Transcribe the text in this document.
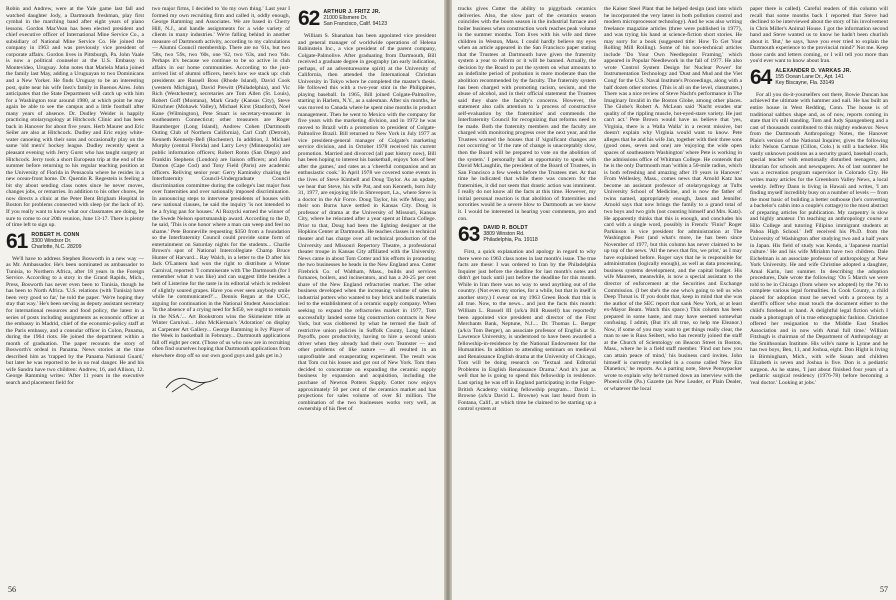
Robin and Andrew, were at the Yale game last fall and watched daughter Jody, a Dartmouth freshman, play first cymbal in the marching band after eight years of piano lessons. Gordon MacVean has been elected president and chief executive officer of International Mine Service Co., a subsidiary of National Mine Service Co. He joined the company in 1963 and was previously vice president of corporate affairs. Gordon lives in Pittsburgh, Pa. John Vaale is now a political counselor at the U.S. Embassy in Montevideo, Uruguay. John notes that Mariela Maria joined the family last May, adding a Uruguayan to two Dominicans and a New Yorker. He finds Uruguay to be an interesting post, quite near his wife Inez's family in Buenos Aires. John anticipates that the State Department will catch up with him for a Washington tour around 1980, at which point he may again be able to see the campus and a little football after many years of absence. Dr. Dudley Weider is happily practicing otolaryngology at Hitchcock Clinic and has been back in Hanover for about five years. Herb Maurer and Eric Seiler are also at Hitchcock. Dudley and Eric enjoy white-water canoeing with their sons and occasionally play on the same 'old men's' hockey league. Dudley recently spent a pleasant evening with Jerry Gurst who has taught surgery at Hitchcock. Jerry took a short European trip at the end of the summer before returning to his regular teaching position at the University of Florida in Pensacola where he resides in a new ocean-front home. Dr. Quentin R. Regestein is feeling a bit shy about sending class notes since he never moves, changes jobs, or remarries. In addition to his other chores, he now directs a clinic at the Peter Bent Brigham Hospital in Boston for problems connected with sleep (or the lack of it). If you really want to know what our classmates are doing, be sure to come to our 20th reunion, June 13-17. There is plenty of time left to sign up.

61 ROBERT H. CONN
3300 Windsor Dr.
Charlotte, N.C. 28209

We'll have to address Stephen Bosworth in a new way — as Mr. Ambassador. He's been nominated as ambassador to Tunisia, to Northern Africa, after 18 years in the Foreign Service. According to a story in the Grand Rapids, Mich., Press, Bosworth has never even been to Tunisia, though he has been to North Africa. 'U.S. relations (with Tunisia) have been very good so far,' he told the paper. 'We're hoping they stay that way.' He's been serving as deputy assistant secretary for international resources and food policy, the latest in a series of posts including assignments as economic officer at the embassy in Madrid, chief of the economic-policy staff at the Paris embassy, and a consular officer in Colon, Panama, during the 1964 riots. He joined the department within a month of graduation. The paper recounts the story of Bosworth's ordeal in Panama. News stories at the time described him as 'trapped by the Panama National Guard,' but later he was reported to be in no real danger. He and his wife Sandra have two children: Andrew, 16, and Allison, 12. George Ramming writes: 'After 11 years in the executive search and placement field for

two major firms, I decided to 'do my own thing.' Last year I formed my own recruiting firm and called it, oddly enough, George Ramming and Associates. We are based in Cherry Hill, N.J., and handle assignments for a wide variety of clients in many industries.' We're falling behind in another measure of Dartmouth activity, according to my calculations — Alumni Council membership. There are no '61s, but two '58s, two '59s, two '60s, one '62, two '63s, and two '64s. Perhaps it's because we continue to be so active in club affairs in our home communities. According to the just-arrived list of alumni officers, here's how we stack up: club presidents are Russell Boss (Rhode Island), David Cook (western Michigan), David Prewitt (Philadelphia), and Vic Rich (Westchester); secretaries are Tom Allen (St. Louis), Robert Goff (Montana), Mark Grady (Kansas City), Steve Kirschner (Mohawk Valley), Michael Kirst (Stanford), Noel Kane (Wilmington), Pete Stuart is secretary-treasurer in southeastern Connecticut; other treasurers are Roger Baumberger (Long Island), Andrew Cohen (Dartmouth Outing Club of Northern California), Carl Craft (Detroit), Kenneth Kennedy-Bell (Rochester). In addition, J. Michael Murphy (central Florida) and Larry Levy (Minneapolis) are public information officers; Robert Ronto (San Diego) and Franklin Stephens (London) are liaison officers; and John Damon (Cape Cod) and Tony Field (Paris) are academic officers. Reliving senior year: Gerry Kaminsky chairing the Interfraternity Council-Undergraduate Council discrimination committee during the college's last major fuss over fraternities and over nationally imposed discrimination. In announcing steps to intervene presidents of houses with new national clauses, he said the inquiry 'is not intended to be a frying pan for houses.' Al Rozycki earned the winner of the Swede Nelson sportsmanship award. According to the D, he said, 'This is one honor where a man can weep and feel no shame.' Pete Bonneville requesting $350 from a foundation so the Interfraternity Council could provide some form of entertainment on Saturday nights for the students... Charlie Brown's spot of National Intercollegiate Champ Bruce Hunter of Harvard... Ray Walch, in a letter to the D after his Jack O'Lantern had won the right to distribute a Winter Carnival, reported: 'I commiserate with The Dartmouth (for I remember what it was like) and can suggest little besides a belt of Listerine for the taste in its editorial which is redolent of slightly soured grapes. Have you ever seen anybody smile while he communicated?'... Dennis Regan at the UGC, arguing for continuation in the National Student Association: 'In the absence of a crying need for $450, we ought to remain in the NSA.'... Art Bookstrom wins the Skimeister title at Winter Carnival... John McKiernan's 'Adoration' on display at Carpenter Art Gallery... George Ramming is Ivy Player of the Week in basketball in February... Dartmouth applications fall off eight per cent. (Those of us who now are in recruiting often find ourselves hoping that Dartmouth applications from elsewhere drop off so our own good guys and gals get in.)

62 ARTHUR J. FRITZ JR.
21000 Ellsmere Dr.
San Francisco, Calif. 94123

William S. Shanahan has been appointed vice president and general manager of worldwide operations of Helena Rubinstein Inc., a vice president of the parent company, Colgate-Palmolive. After graduating from Dartmouth, Bill received a graduate degree in geography (an early indication, perhaps, of an adventuresome spirit) at the University of California, then attended the International Christian University in Tokyo where he completed the master's thesis. He followed this with a two-year stint in the Philippines, playing baseball. In 1965, Bill joined Colgate-Palmolive, starting in Harlem, N.Y., as a salesman. After six months, he was moved to Canada where he spent nine months in product management. Then he went to Mexico with the company for five years with the marketing division, and in 1972 he was moved to Brazil with a promotion to president of Colgate-Palmolive Brazil. Bill returned to New York in July 1977 as vice president-general manager of Colgate's marketing service division, and in October 1978 received his current promotion. Married and divorced (all past history now), Bill has been hoping to interest his basketball, enjoys 'lots of beer after the games,' and rates as a 'cheerful companion and an enthusiastic cook.' In April 1978 we covered some events in the lives of Steve Kimbell and Doug Taylor. As an update, we hear that Steve, his wife Pat, and son Kenneth, born July 31, 1977, are enjoying life in Shreveport, La., where Steve is a doctor in the Air Force. Doug Taylor, his wife Missy, and their son Burns have settled in Kansas City. Doug is professor of drama at the University of Missouri, Kansas City, where he relocated after a year spent at Ithaca College. Prior to that, Doug had been the lighting designer at the Hopkins Center at Dartmouth. He teaches classes in technical theater and has charge over all technical production of the University and Missouri Repertory Theatre, a professional theater troupe in Kansas City affiliated with the University. News came in about Tom Cotter and his efforts in promoting the two businesses he heads in the New England area. Cotter Firebrick Co. of Waltham, Mass., builds and services furnaces, boilers, and incinerators, and has a 20-25 per cent share of the New England refractories market. The other business developed when the increasing volume of sales to industrial potters who wanted to buy brick and bulk materials led to the establishment of a ceramic supply company. When seeking to expand the refractories market in 1977, Tom successfully landed some big construction contracts in New York, but was clobbered by what he termed the fault of restrictive union policies in Suffolk County, Long Island. Payoffs, poor productivity, having to hire a second union driver when they already had their own Teamster — and other problems of like nature — all resulted in an unprofitable and exasperating experiment. The result was that Tom cut his losses and got out of New York. Tom then decided to concentrate on expanding the ceramic supply business by expansion and acquisition, including the purchase of Newton Potters Supply. Cotter now enjoys approximately 50 per cent of the ceramics market and has projections for sales volume of over $1 million. The combination of the two businesses works very well, as ownership of his fleet of

56

trucks gives Cutter the ability to piggyback ceramics deliveries. Also, the slow part of the ceramics season coincides with the boom season in the industrial furnace and boiler business when construction work reaches peak volume in the summer months. Tom lives with his wife and three children in Weston, Mass. I could hardly believe my eyes when an article appeared in the San Francisco paper stating that the Trustees at Dartmouth have given the fraternity system a year to reform or it will be banned. Actually, the decision by the Board to put the system on what amounts to an indefinite period of probation is more moderate than the abolition recommended by the faculty. The fraternity system has been charged with promoting racism, sexism, and the abuse of alcohol, and in their official statement the Trustees said they share the faculty's concerns. However, the statement also calls attention to 'a process of constructive self-evaluation by the fraternities' and commends the Interfraternity Council for recognizing that reforms need to be made. Both the fraternity members and the faculty are charged with monitoring progress over the next year, and the Trustees warned the houses that if 'significant changes are not occurring' or 'if the rate of change is unacceptably slow, then the Board will be prepared to vote on the abolition of the system.' I personally had an opportunity to speak with David McLaughlin, the president of the Board of Trustees, in San Francisco a few weeks before the Trustees met. At that time he indicated that while there was concern for the fraternities, it did not seem that drastic action was imminent. I really do not know all the facts at this time. However, my initial personal reaction is that abolition of fraternities and sororities would be a severe blow to Dartmouth as we know it. I would be interested in hearing your comments, pro and con.

63 DAVID R. BOLDT
3809 Winston Rd.
Philadelphia, Pa. 19118

First, a quick explanation and apology in regard to why there were no 1963 class notes in last month's issue. The true facts are these: I was ordered to Iran by the Philadelphia Inquirer just before the deadline for last month's notes and didn't get back until just before the deadline for this month. While in Iran there was no way to send anything out of the country. (Not even my stories, for a while, but that in itself is another story.) I swear on my 1963 Green Book that this is all true. Now, to the news... and just the facts this month: William L. Russell III (a/k/a Bill Russell) has reportedly been appointed vice president and director of the First Merchants Bank, Neptune, N.J.... Dr. Thomas L. Berger (a/k/a Tom Berger), an associate professor of English at St. Lawrence University, is understood to have been awarded a fellowship-in-residence by the National Endowment for the Humanities. In addition to attending seminars on medieval and Renaissance English drama at the University of Chicago, Tom will be doing research on 'Textual and Editorial Problems in English Renaissance Drama.' And it's just as well that he is going to spend this fellowship in residence. Last spring he was off in England participating in the Folger-British Academy visiting fellowship program... David L. Browne (a/k/a David L. Browne) was last heard from in Fontana, Calif., at which time he claimed to be starting up a control system at

the Kaiser Steel Plant that he helped design (and into which he incorporated the very latest in both pollution control and modern microprocessor technology). And he was also writing freelance magazine articles (three were published in 1977), and was trying his hand at science-fiction short stories. He may sorry for a book (suggested title: How To Get Your Rolling Mill Rolling). Some of his non-technical articles include 'Do Your Own Needlepoint Framing,' which appeared in Popular Needlework in the fall of 1977. He also wrote 'Control System Design for Nuclear Power' for Instrumentation Technology and 'Dust and Mud and the Viet Cong' for the U.S. Naval Institute's Proceedings, along with a half dozen other stories. (This is all on the level, classmates.) There was a nice review of Steve Nacht's performance in The Imaginary Invalid in the Boston Globe, among other places. The Globe's Robert A. McLean said 'Nacht exudes star quality of the rippling muscle, hot-eyed-stare variety. He just can't act.' Pete Brown would have us believe that 'yes, Virginia, there is a Walla Walla' in a recent missive, but doesn't explain why Virginia would want to know. Pete alleges that he and his wife Jan, together with their three sons (good ones, seven and one) are 'enjoying the wide open spaces of southeastern Washington' where Pete is working in the admissions office of Whitman College. He contends that he is the only Dartmouth man 'within a 50-mile radius, which is both refreshing and amazing after 19 years in Hanover.' From Wellesley, Mass., comes news that Arnold Katz has become an assistant professor of otolaryngology at Tufts University School of Medicine, and is now the father of twins named, appropriately enough, Jason and Jennifer. Arnold says that now brings the family to a grand total of two boys and two girls (not counting himself and Mrs. Katz). He apparently thinks that this is enough, and concludes his card with a single word, possibly in French: 'Finis!' Roger Parkinson is vice president for administration at The Washington Post (and what's more, he has been since November of 1977, but this column has never claimed to be up top of the news. 'All the news that fits, we print,' as I may have explained before. Roger says that he is responsible for administration (logically enough), as well as data processing, business systems development, and the capital budget. His wife Maureen, meanwhile, is now a special assistant to the director of enforcement at the Securities and Exchange Commission. (I bet she's the one who's going to tell us who Deep Throat is. If you doubt that, keep in mind that she was the author of the SEC report that sank New York, or at least ex-Mayor Beam. Watch this space.) This column has been prepared in some haste, and may have seemed somewhat confusing. I admit, (But it's all true, so help me Eleanor.) Now, if some of you may want to get things really clear, the man to see is Russ Seibert, who has recently joined the staff at the Church of Scientology on Beacon Street in Boston, Mass., where he is a field staff member. 'Find out how you can attain peace of mind,' his business card invites. John himself is currently enrolled in a course called 'New Era Dianetics,' he reports. As a parting note, Steve Pennypacker wrote to explain why he'd turned down an interview with the Phoenixville (Pa.) Gazette (as New Leader, or Plain Dealer, or whatever the local

paper there is called). Careful readers of this column will recall that some months back I reported that Steve had declined to be interviewed about the story of his involvement in Chris Miller's Animal House. I got the information second hand and Steve wanted us to know he hadn't been churlish about it. 'But,' he says, 'have you ever tried to explain the Dartmouth experience to the provincial mind?' Not me. Keep those cards and letters coming, or I will tell you more than you'd ever want to know about Iran.

64 ALEXANDER D. VARKAS JR.
155 Ocean Lane Dr., Apt. 141
Key Biscayne, Fla. 33149

For all you do-it-yourselfers out there, Bowie Duncan has achieved the ultimate with hammer and nail. He has built an entire house in West Redding, Conn. The house is of traditional saltbox shape and, as of now, reports coming in state that it's still standing. Tom and Judy Spangenberg and a cast of thousands contributed to this mighty endeavor. News from the Dartmouth Anthropology Notes, the Hanover Plain's version of the National Inquirer, gives the following info: Nelson Carman (Cillon, Colo.) is still a bachelor. His vastly unknown positions as a security guard, baseball coach, special teacher with emotionally disturbed teenagers, and librarian for schools and newspapers. As of last summer he was a recreation program supervisor in Colorado City. He writes many articles for the Greenhorn Valley News, a local weekly. Jeffrey Dann is living in Hawaii and writes, 'I am finding myself incredibly busy on a number of levels — from the most basic of building a better outhouse (he's converting a bachelor's cabin into a couple's cottage) to the most abstract of preparing articles for publication. My carpentry is slow and highly amateur. I'm teaching an anthropology course at Hilo College and tutoring Filipino immigrant students at Pahoa High School.' Jeff received his Ph.D. from the University of Washington after studying two and a half years in Japan. His field of study was Kendo, a 'Japanese martial culture.' He and his wife Miriahm have two children. Dale Eichelman is an associate professor of anthropology at New York University. He and wife Christine adopted a daughter, Amal Karin, last summer. In describing the adoption procedures, Dale wrote the following: 'On 5 March we were told to be in Chicago (from where we adopted) by the 7th to complete various legal formalities. In Cook County, a child placed for adoption must be served with a process by a sheriff's officer who must touch the document either to the child's forehead or hand. A delightful legal fiction which I made a photograph of in true ethnographic fashion. Christine offered her resignation to the Middle East Studies Association and in now with Amal full time.' William Fitzhugh is chairman of the Department of Anthropology at the Smithsonian Institute. His wife's name is Lynne and he has two boys, Ben, 11, and Joshua, eight. Don Hight is living in Birmingham, Mich., with wife Susan and children Elizabeth is seven and Joshua is five. Don is a pediatric surgeon. As he states, 'I just about finished four years of a pediatric surgical residency (1976-78) before becoming a 'real doctor.' Looking at jobs.'

57
